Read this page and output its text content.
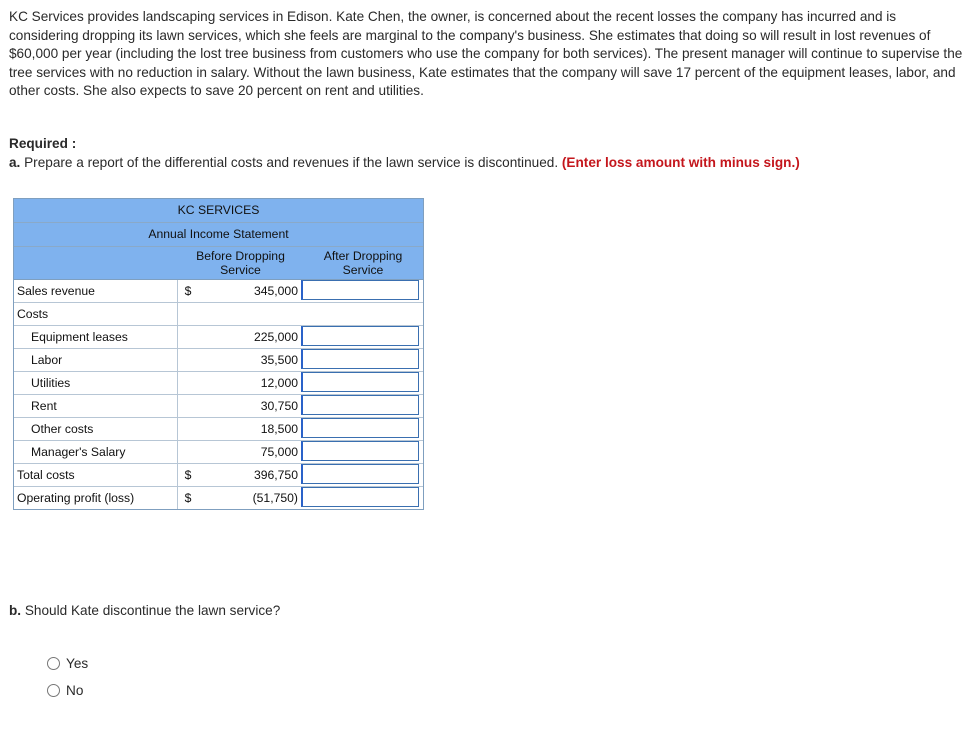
KC Services provides landscaping services in Edison. Kate Chen, the owner, is concerned about the recent losses the company has incurred and is considering dropping its lawn services, which she feels are marginal to the company's business. She estimates that doing so will result in lost revenues of $60,000 per year (including the lost tree business from customers who use the company for both services). The present manager will continue to supervise the tree services with no reduction in salary. Without the lawn business, Kate estimates that the company will save 17 percent of the equipment leases, labor, and other costs. She also expects to save 20 percent on rent and utilities.

Required :

a. Prepare a report of the differential costs and revenues if the lawn service is discontinued. (Enter loss amount with minus sign.)

KC SERVICES
Annual Income Statement
Before Dropping Service
After Dropping Service
Sales revenue	$	345,000
Costs
Equipment leases	225,000
Labor	35,500
Utilities	12,000
Rent	30,750
Other costs	18,500
Manager's Salary	75,000
Total costs	$	396,750
Operating profit (loss)	$	(51,750)

b. Should Kate discontinue the lawn service?

Yes
No
